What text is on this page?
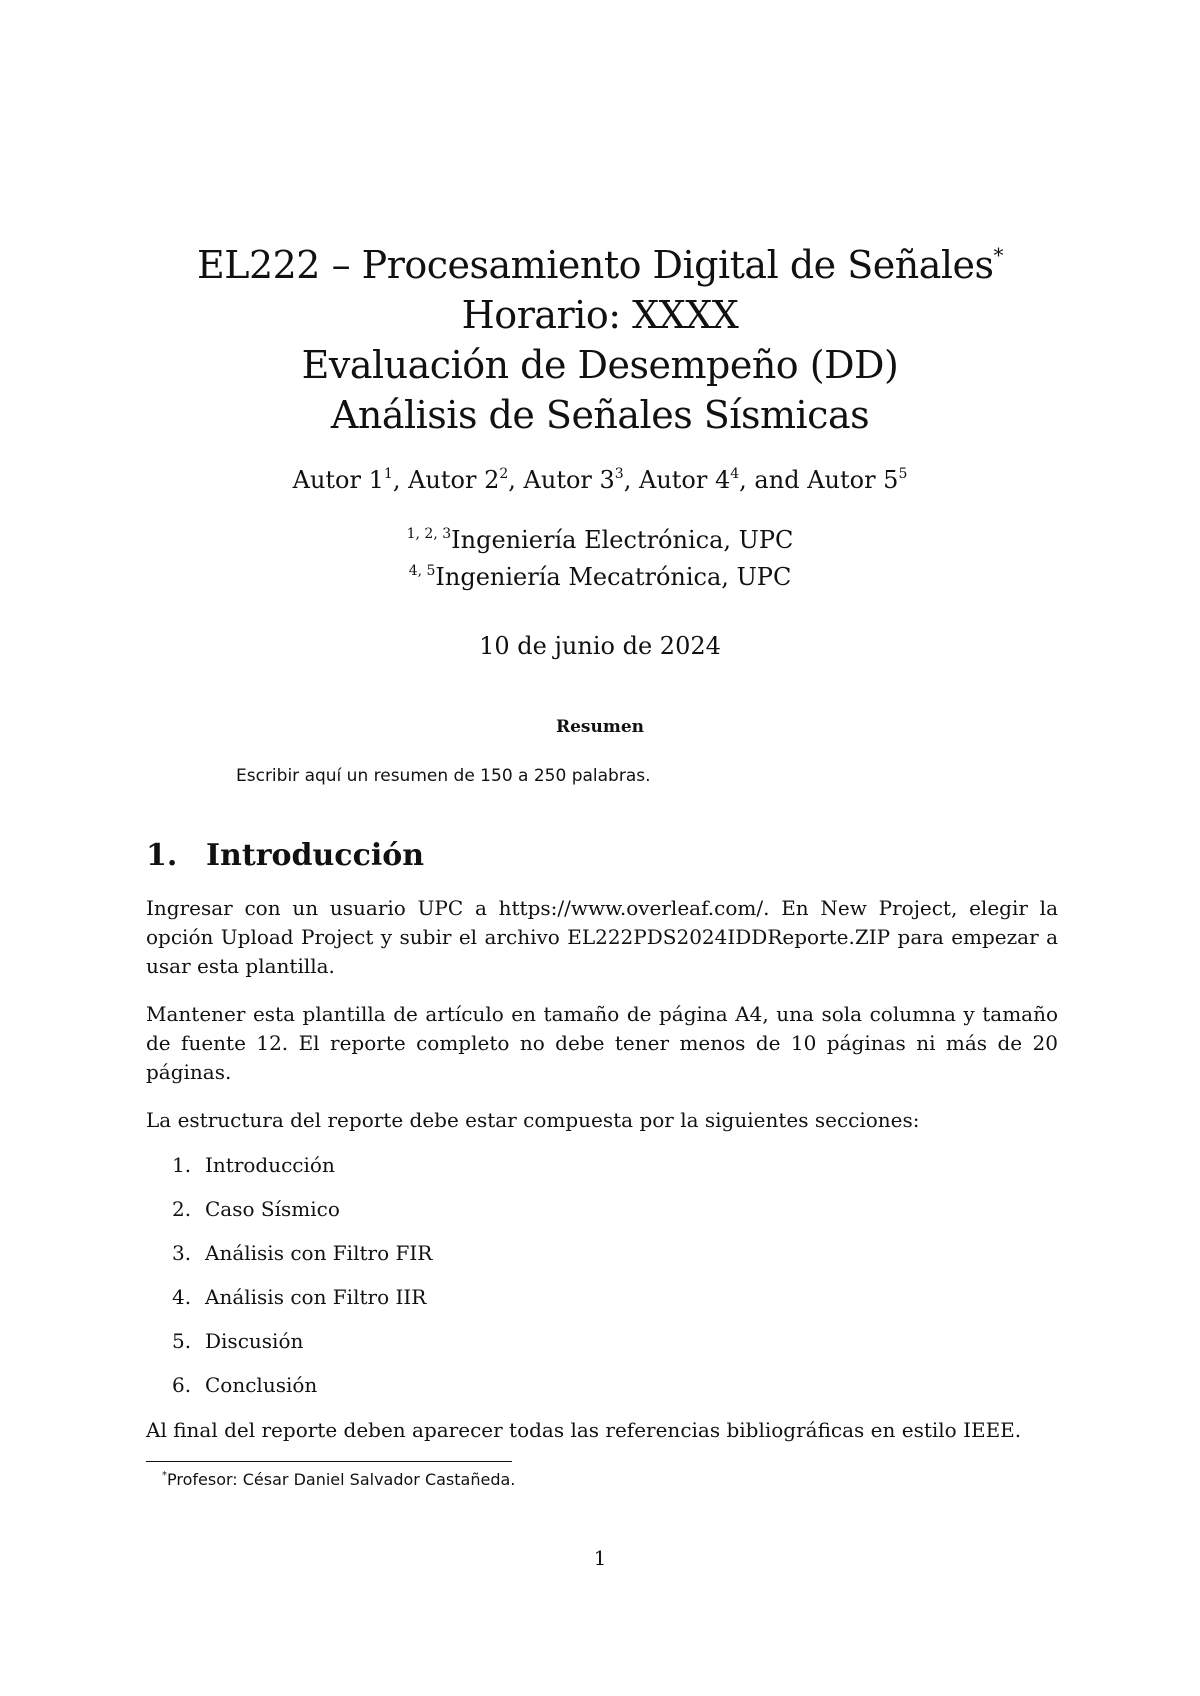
EL222 – Procesamiento Digital de Señales*
Horario: XXXX
Evaluación de Desempeño (DD)
Análisis de Señales Sísmicas
Autor $1^1$, Autor $2^2$, Autor $3^3$, Autor $4^4$, and Autor $5^5$
$^{1, 2, 3}$Ingeniería Electrónica, UPC
$^{4, 5}$Ingeniería Mecatrónica, UPC
10 de junio de 2024
Resumen
Escribir aquí un resumen de 150 a 250 palabras.
1. Introducción
Ingresar con un usuario UPC a https://www.overleaf.com/. En New Project, elegir la opción Upload Project y subir el archivo EL222PDS2024IDDReporte.ZIP para empezar a usar esta plantilla.
Mantener esta plantilla de artículo en tamaño de página A4, una sola columna y tamaño de fuente 12. El reporte completo no debe tener menos de 10 páginas ni más de 20 páginas.
La estructura del reporte debe estar compuesta por la siguientes secciones:
1. Introducción
2. Caso Sísmico
3. Análisis con Filtro FIR
4. Análisis con Filtro IIR
5. Discusión
6. Conclusión
Al final del reporte deben aparecer todas las referencias bibliográficas en estilo IEEE.
*Profesor: César Daniel Salvador Castañeda.
1
